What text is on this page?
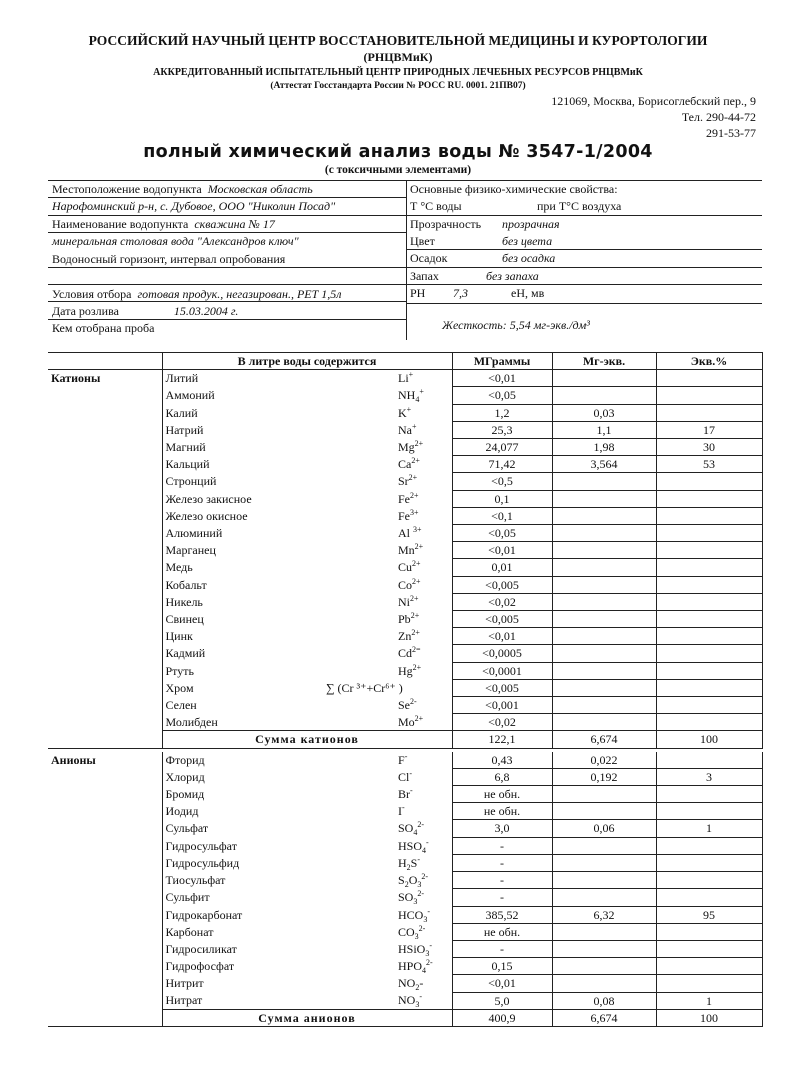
РОССИЙСКИЙ НАУЧНЫЙ ЦЕНТР ВОССТАНОВИТЕЛЬНОЙ МЕДИЦИНЫ И КУРОРТОЛОГИИ
(РНЦВМиК)
АККРЕДИТОВАННЫЙ ИСПЫТАТЕЛЬНЫЙ ЦЕНТР ПРИРОДНЫХ ЛЕЧЕБНЫХ РЕСУРСОВ РНЦВМиК
(Аттестат Госстандарта России № РОСС RU. 0001. 21ПВ07)
121069, Москва, Борисоглебский пер., 9
Тел. 290-44-72
291-53-77
полный химический анализ воды № 3547-1/2004
(с токсичными элементами)
Местоположение водопункта Московская область
Нарофоминский р-н, с. Дубовое, ООО "Николин Посад"
Наименование водопункта скважина № 17
минеральная столовая вода "Александров ключ"
Водоносный горизонт, интервал опробования
Условия отбора готовая продук., негазирован., РЕТ 1,5л
Дата розлива	15.03.2004 г.
Кем отобрана проба
Основные физико-химические свойства:
Т °С воды	при Т°С воздуха
Прозрачность прозрачная
Цвет	без цвета
Осадок	без осадка
Запах	без запаха
РН 7,3	еН, мв
Жесткость: 5,54 мг-экв./дм³
	В литре воды содержится		МГраммы	Мг-экв.	Экв.%
Катионы	Литий	Li+	<0,01		
	Аммоний	$NH_4^+$	<0,05		
	Калий	K+	1,2	0,03	
	Натрий	Na+	25,3	1,1	17
	Магний	$Mg^{2+}$	24,077	1,98	30
	Кальций	$Ca^{2+}$	71,42	3,564	53
	Стронций	$Sr^{2+}$	<0,5		
	Железо закисное	$Fe^{2+}$	0,1		
	Железо окисное	$Fe^{3+}$	<0,1		
	Алюминий	Al $^{3+}$	<0,05		
	Марганец	$Mn^{2+}$	<0,01		
	Медь	$Cu^{2+}$	0,01		
	Кобальт	$Co^{2+}$	<0,005		
	Никель	$Ni^{2+}$	<0,02		
	Свинец	$Pb^{2+}$	<0,005		
	Цинк	$Zn^{2+}$	<0,01		
	Кадмий	$Cd^{2=}$	<0,0005		
	Ртуть	$Hg^{2+}$	<0,0001		
	Хром	∑ (Cr ³⁺+Cr⁶⁺ )	<0,005		
	Селен	$Se^{2-}$	<0,001		
	Молибден	$Mo^{2+}$	<0,02		
	Сумма катионов		122,1	6,674	100

Анионы	Фторид	F-	0,43	0,022	
	Хлорид	Cl-	6,8	0,192	3
	Бромид	Br-	не обн.		
	Иодид	I-	не обн.		
	Сульфат	$SO_4^{2-}$	3,0	0,06	1
	Гидросульфат	$HSO_4^-$	-		
	Гидросульфид	$H_2S^-$	-		
	Тиосульфат	$S_2O_3^{2-}$	-		
	Сульфит	$SO_3^{2-}$	-		
	Гидрокарбонат	$HCO_3^-$	385,52	6,32	95
	Карбонат	$CO_3^{2-}$	не обн.		
	Гидросиликат	HSiO$_3$-	-		
	Гидрофосфат	$HPO_4^{2-}$	0,15		
	Нитрит	$NO_2-$	<0,01		
	Нитрат	$NO_3^-$	5,0	0,08	1
	Сумма анионов		400,9	6,674	100
